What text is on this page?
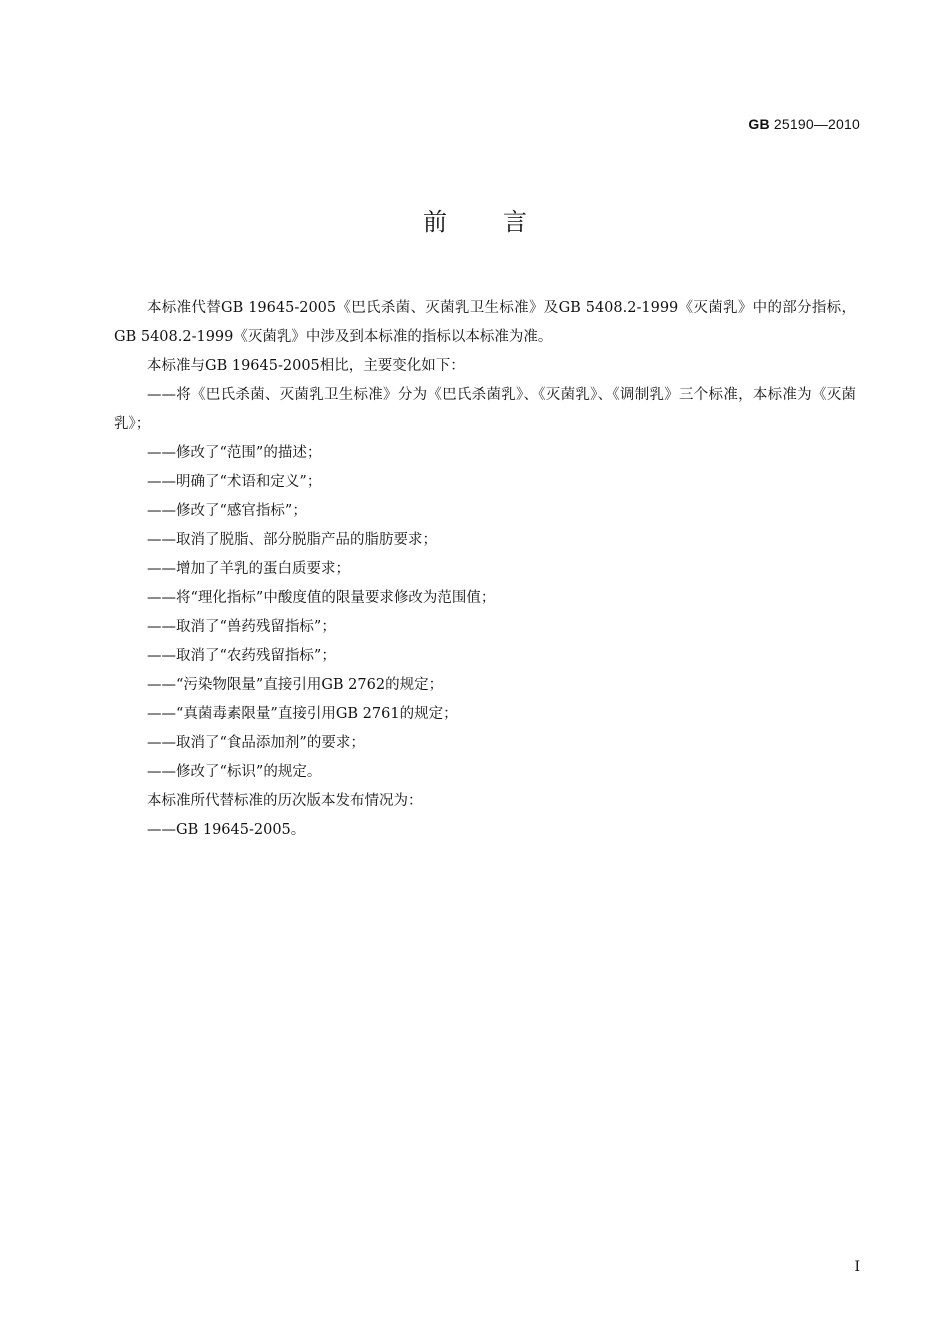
GB 25190—2010
前言

本标准代替GB 19645-2005《巴氏杀菌、灭菌乳卫生标准》及GB 5408.2-1999《灭菌乳》中的部分指标，GB 5408.2-1999《灭菌乳》中涉及到本标准的指标以本标准为准。

本标准与GB 19645-2005相比，主要变化如下：

——将《巴氏杀菌、灭菌乳卫生标准》分为《巴氏杀菌乳》、《灭菌乳》、《调制乳》三个标准，本标准为《灭菌乳》；

——修改了“范围”的描述；

——明确了“术语和定义”；

——修改了“感官指标”；

——取消了脱脂、部分脱脂产品的脂肪要求；

——增加了羊乳的蛋白质要求；

——将“理化指标”中酸度值的限量要求修改为范围值；

——取消了“兽药残留指标”；

——取消了“农药残留指标”；

——“污染物限量”直接引用GB 2762的规定；

——“真菌毒素限量”直接引用GB 2761的规定；

——取消了“食品添加剂”的要求；

——修改了“标识”的规定。

本标准所代替标准的历次版本发布情况为：

——GB 19645-2005。

I
